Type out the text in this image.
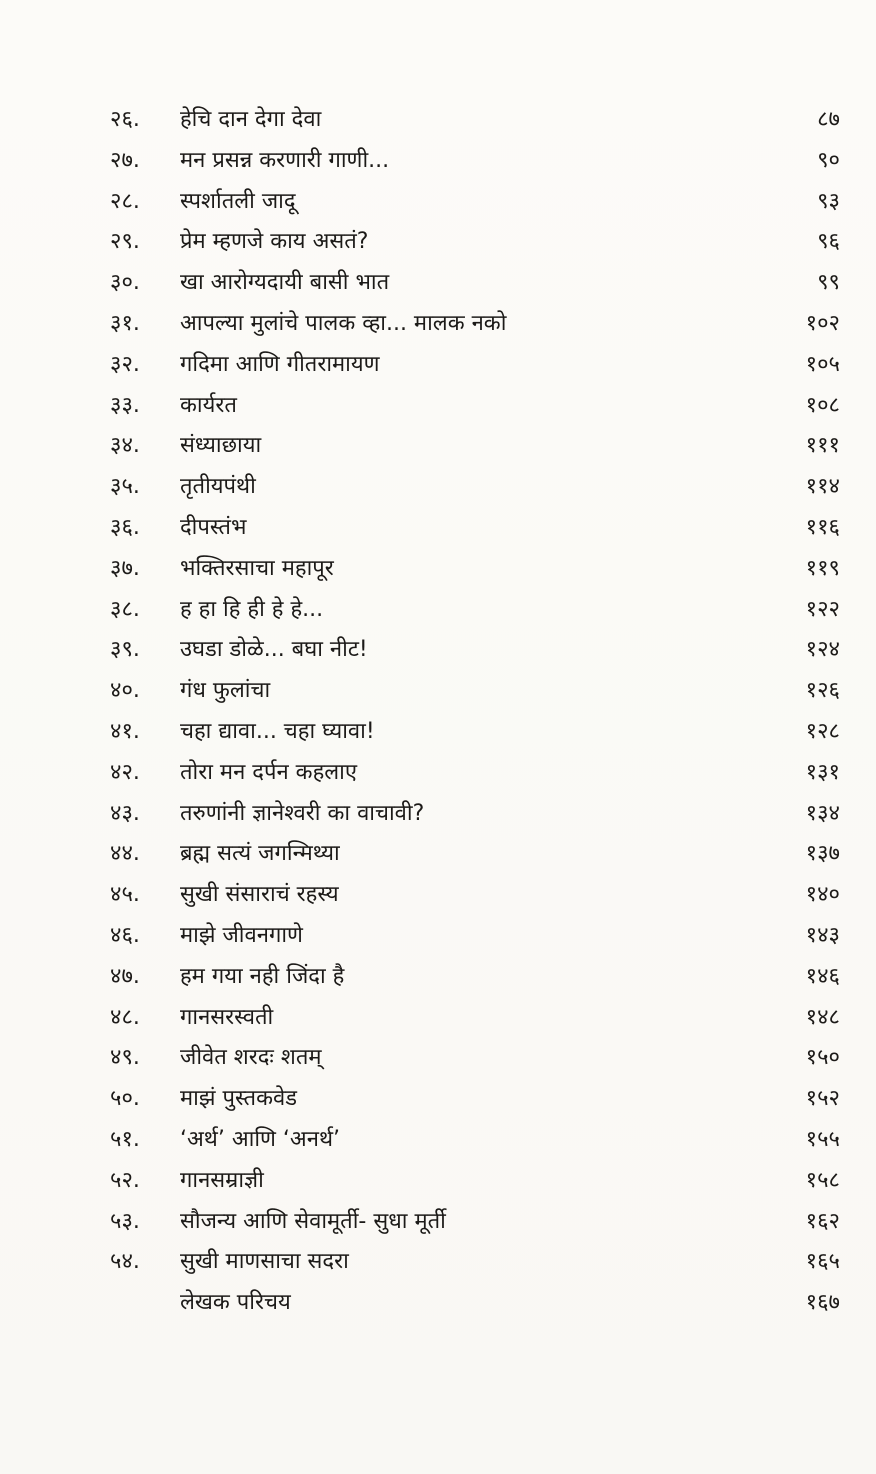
२६.	हेचि दान देगा देवा	८७
२७.	मन प्रसन्न करणारी गाणी...	९०
२८.	स्पर्शातली जादू	९३
२९.	प्रेम म्हणजे काय असतं?	९६
३०.	खा आरोग्यदायी बासी भात	९९
३१.	आपल्या मुलांचे पालक व्हा... मालक नको	१०२
३२.	गदिमा आणि गीतरामायण	१०५
३३.	कार्यरत	१०८
३४.	संध्याछाया	१११
३५.	तृतीयपंथी	११४
३६.	दीपस्तंभ	११६
३७.	भक्तिरसाचा महापूर	११९
३८.	ह हा हि ही हे हे...	१२२
३९.	उघडा डोळे... बघा नीट!	१२४
४०.	गंध फुलांचा	१२६
४१.	चहा द्यावा... चहा घ्यावा!	१२८
४२.	तोरा मन दर्पन कहलाए	१३१
४३.	तरुणांनी ज्ञानेश्वरी का वाचावी?	१३४
४४.	ब्रह्म सत्यं जगन्मिथ्या	१३७
४५.	सुखी संसाराचं रहस्य	१४०
४६.	माझे जीवनगाणे	१४३
४७.	हम गया नही जिंदा है	१४६
४८.	गानसरस्वती	१४८
४९.	जीवेत शरदः शतम्	१५०
५०.	माझं पुस्तकवेड	१५२
५१.	‘अर्थ’ आणि ‘अनर्थ’	१५५
५२.	गानसम्राज्ञी	१५८
५३.	सौजन्य आणि सेवामूर्ती- सुधा मूर्ती	१६२
५४.	सुखी माणसाचा सदरा	१६५
लेखक परिचय	१६७
